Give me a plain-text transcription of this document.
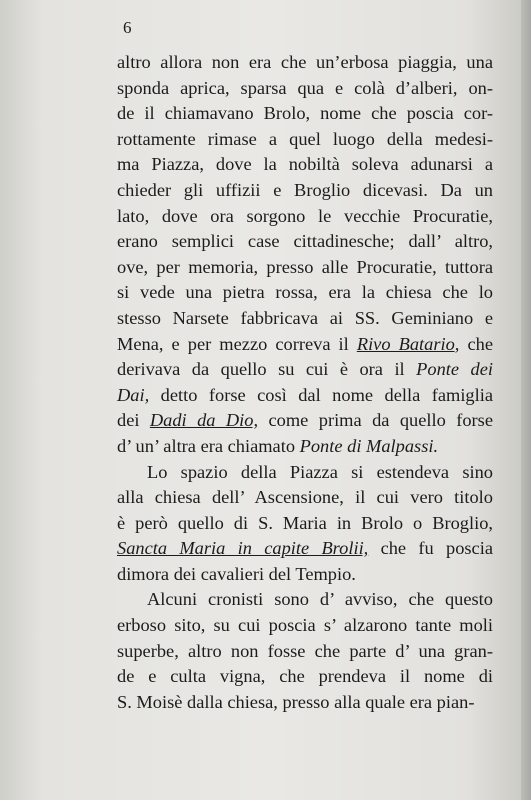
6

altro allora non era che un’erbosa piaggia, una
sponda aprica, sparsa qua e colà d’alberi, on-
de il chiamavano Brolo, nome che poscia cor-
rottamente rimase a quel luogo della medesi-
ma Piazza, dove la nobiltà soleva adunarsi a
chieder gli uffizii e Broglio dicevasi. Da un
lato, dove ora sorgono le vecchie Procuratie,
erano semplici case cittadinesche; dall’ altro,
ove, per memoria, presso alle Procuratie, tuttora
si vede una pietra rossa, era la chiesa che lo
stesso Narsete fabbricava ai SS. Geminiano e
Mena, e per mezzo correva il Rivo Batario, che
derivava da quello su cui è ora il Ponte dei
Dai, detto forse così dal nome della famiglia
dei Dadi da Dio, come prima da quello forse
d’ un’ altra era chiamato Ponte di Malpassi.

Lo spazio della Piazza si estendeva sino
alla chiesa dell’ Ascensione, il cui vero titolo
è però quello di S. Maria in Brolo o Broglio,
Sancta Maria in capite Brolii, che fu poscia
dimora dei cavalieri del Tempio.

Alcuni cronisti sono d’ avviso, che questo
erboso sito, su cui poscia s’ alzarono tante moli
superbe, altro non fosse che parte d’ una gran-
de e culta vigna, che prendeva il nome di
S. Moisè dalla chiesa, presso alla quale era pian-
